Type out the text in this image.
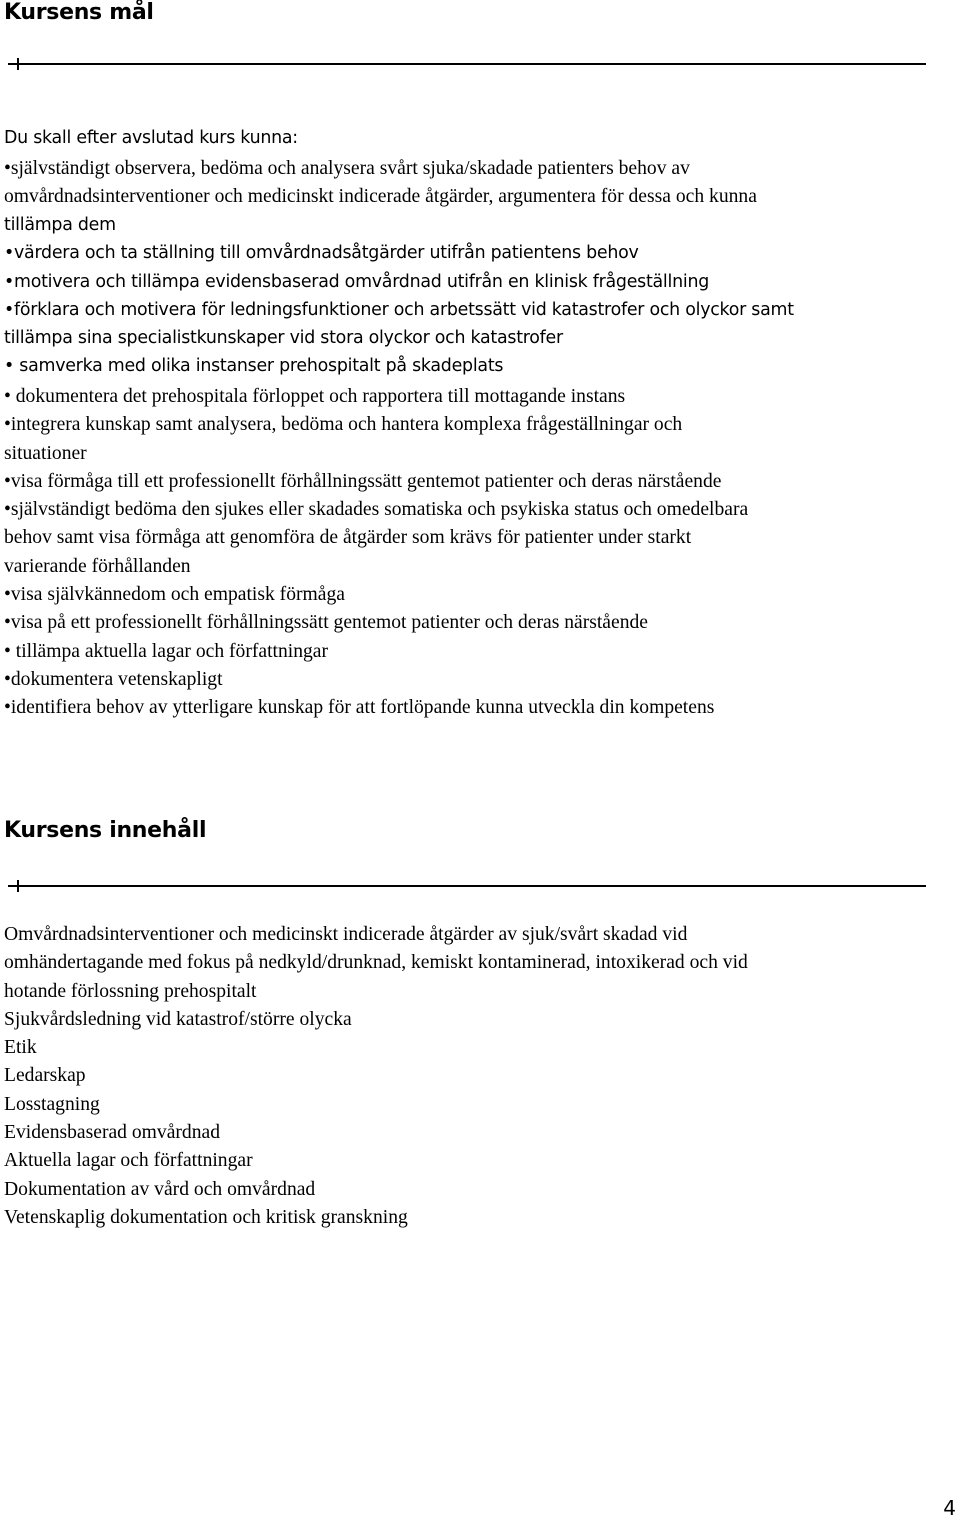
Kursens mål
Du skall efter avslutad kurs kunna:
•självständigt observera, bedöma och analysera svårt sjuka/skadade patienters behov av
omvårdnadsinterventioner och medicinskt indicerade åtgärder, argumentera för dessa och kunna
tillämpa dem
•värdera och ta ställning till omvårdnadsåtgärder utifrån patientens behov
•motivera och tillämpa evidensbaserad omvårdnad utifrån en klinisk frågeställning
•förklara och motivera för ledningsfunktioner och arbetssätt vid katastrofer och olyckor samt
tillämpa sina specialistkunskaper vid stora olyckor och katastrofer
• samverka med olika instanser prehospitalt på skadeplats
• dokumentera det prehospitala förloppet och rapportera till mottagande instans
•integrera kunskap samt analysera, bedöma och hantera komplexa frågeställningar och
situationer
•visa förmåga till ett professionellt förhållningssätt gentemot patienter och deras närstående
•självständigt bedöma den sjukes eller skadades somatiska och psykiska status och omedelbara
behov samt visa förmåga att genomföra de åtgärder som krävs för patienter under starkt
varierande förhållanden
•visa självkännedom och empatisk förmåga
•visa på ett professionellt förhållningssätt gentemot patienter och deras närstående
• tillämpa aktuella lagar och författningar
•dokumentera vetenskapligt
•identifiera behov av ytterligare kunskap för att fortlöpande kunna utveckla din kompetens
Kursens innehåll
Omvårdnadsinterventioner och medicinskt indicerade åtgärder av sjuk/svårt skadad vid
omhändertagande med fokus på nedkyld/drunknad, kemiskt kontaminerad, intoxikerad och vid
hotande förlossning prehospitalt
Sjukvårdsledning vid katastrof/större olycka
Etik
Ledarskap
Losstagning
Evidensbaserad omvårdnad
Aktuella lagar och författningar
Dokumentation av vård och omvårdnad
Vetenskaplig dokumentation och kritisk granskning
4
